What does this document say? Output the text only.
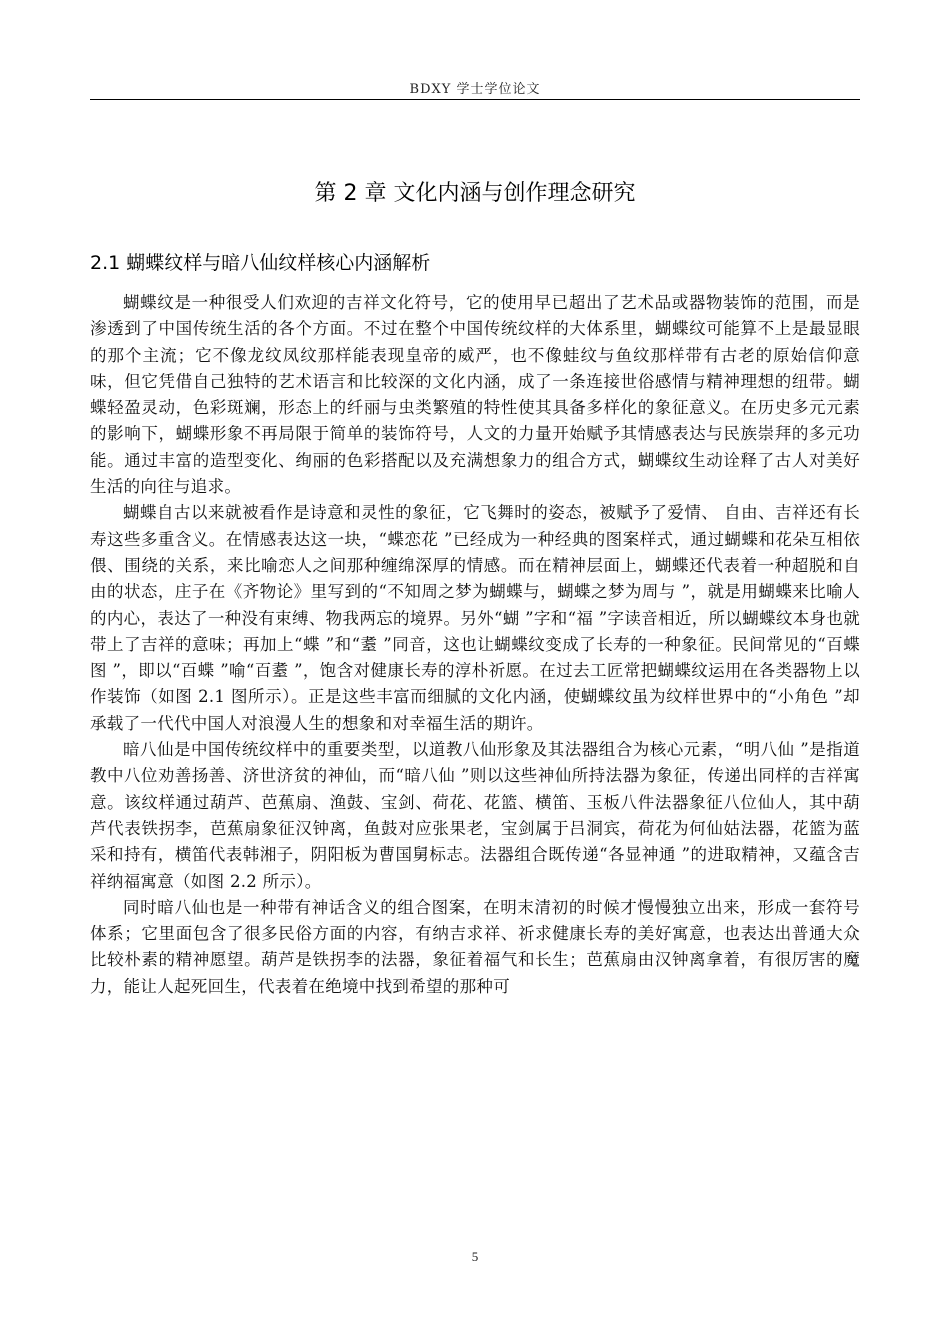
BDXY 学士学位论文
第 2 章 文化内涵与创作理念研究
2.1 蝴蝶纹样与暗八仙纹样核心内涵解析

蝴蝶纹是一种很受人们欢迎的吉祥文化符号，它的使用早已超出了艺术品或器物装饰的范围，而是渗透到了中国传统生活的各个方面。不过在整个中国传统纹样的大体系里，蝴蝶纹可能算不上是最显眼的那个主流；它不像龙纹凤纹那样能表现皇帝的威严，也不像蛙纹与鱼纹那样带有古老的原始信仰意味，但它凭借自己独特的艺术语言和比较深的文化内涵，成了一条连接世俗感情与精神理想的纽带。蝴蝶轻盈灵动，色彩斑斓，形态上的纤丽与虫类繁殖的特性使其具备多样化的象征意义。在历史多元元素的影响下，蝴蝶形象不再局限于简单的装饰符号，人文的力量开始赋予其情感表达与民族崇拜的多元功能。通过丰富的造型变化、绚丽的色彩搭配以及充满想象力的组合方式，蝴蝶纹生动诠释了古人对美好生活的向往与追求。

蝴蝶自古以来就被看作是诗意和灵性的象征，它飞舞时的姿态，被赋予了爱情、 自由、吉祥还有长寿这些多重含义。在情感表达这一块，“蝶恋花 ”已经成为一种经典的图案样式，通过蝴蝶和花朵互相依偎、围绕的关系，来比喻恋人之间那种缠绵深厚的情感。而在精神层面上，蝴蝶还代表着一种超脱和自由的状态，庄子在《齐物论》里写到的“不知周之梦为蝴蝶与，蝴蝶之梦为周与 ”，就是用蝴蝶来比喻人的内心，表达了一种没有束缚、物我两忘的境界。另外“蝴 ”字和“福 ”字读音相近，所以蝴蝶纹本身也就带上了吉祥的意味；再加上“蝶 ”和“耋 ”同音，这也让蝴蝶纹变成了长寿的一种象征。民间常见的“百蝶图 ”，即以“百蝶 ”喻“百耋 ”，饱含对健康长寿的淳朴祈愿。在过去工匠常把蝴蝶纹运用在各类器物上以作装饰（如图 2.1 图所示）。正是这些丰富而细腻的文化内涵，使蝴蝶纹虽为纹样世界中的“小角色 ”却承载了一代代中国人对浪漫人生的想象和对幸福生活的期许。

暗八仙是中国传统纹样中的重要类型，以道教八仙形象及其法器组合为核心元素，“明八仙 ”是指道教中八位劝善扬善、济世济贫的神仙，而“暗八仙 ”则以这些神仙所持法器为象征，传递出同样的吉祥寓意。该纹样通过葫芦、芭蕉扇、渔鼓、宝剑、荷花、花篮、横笛、玉板八件法器象征八位仙人，其中葫芦代表铁拐李，芭蕉扇象征汉钟离，鱼鼓对应张果老，宝剑属于吕洞宾，荷花为何仙姑法器，花篮为蓝采和持有，横笛代表韩湘子，阴阳板为曹国舅标志。法器组合既传递“各显神通 ”的进取精神，又蕴含吉祥纳福寓意（如图 2.2 所示）。

同时暗八仙也是一种带有神话含义的组合图案，在明末清初的时候才慢慢独立出来，形成一套符号体系；它里面包含了很多民俗方面的内容，有纳吉求祥、祈求健康长寿的美好寓意，也表达出普通大众比较朴素的精神愿望。葫芦是铁拐李的法器，象征着福气和长生；芭蕉扇由汉钟离拿着，有很厉害的魔力，能让人起死回生，代表着在绝境中找到希望的那种可

5
